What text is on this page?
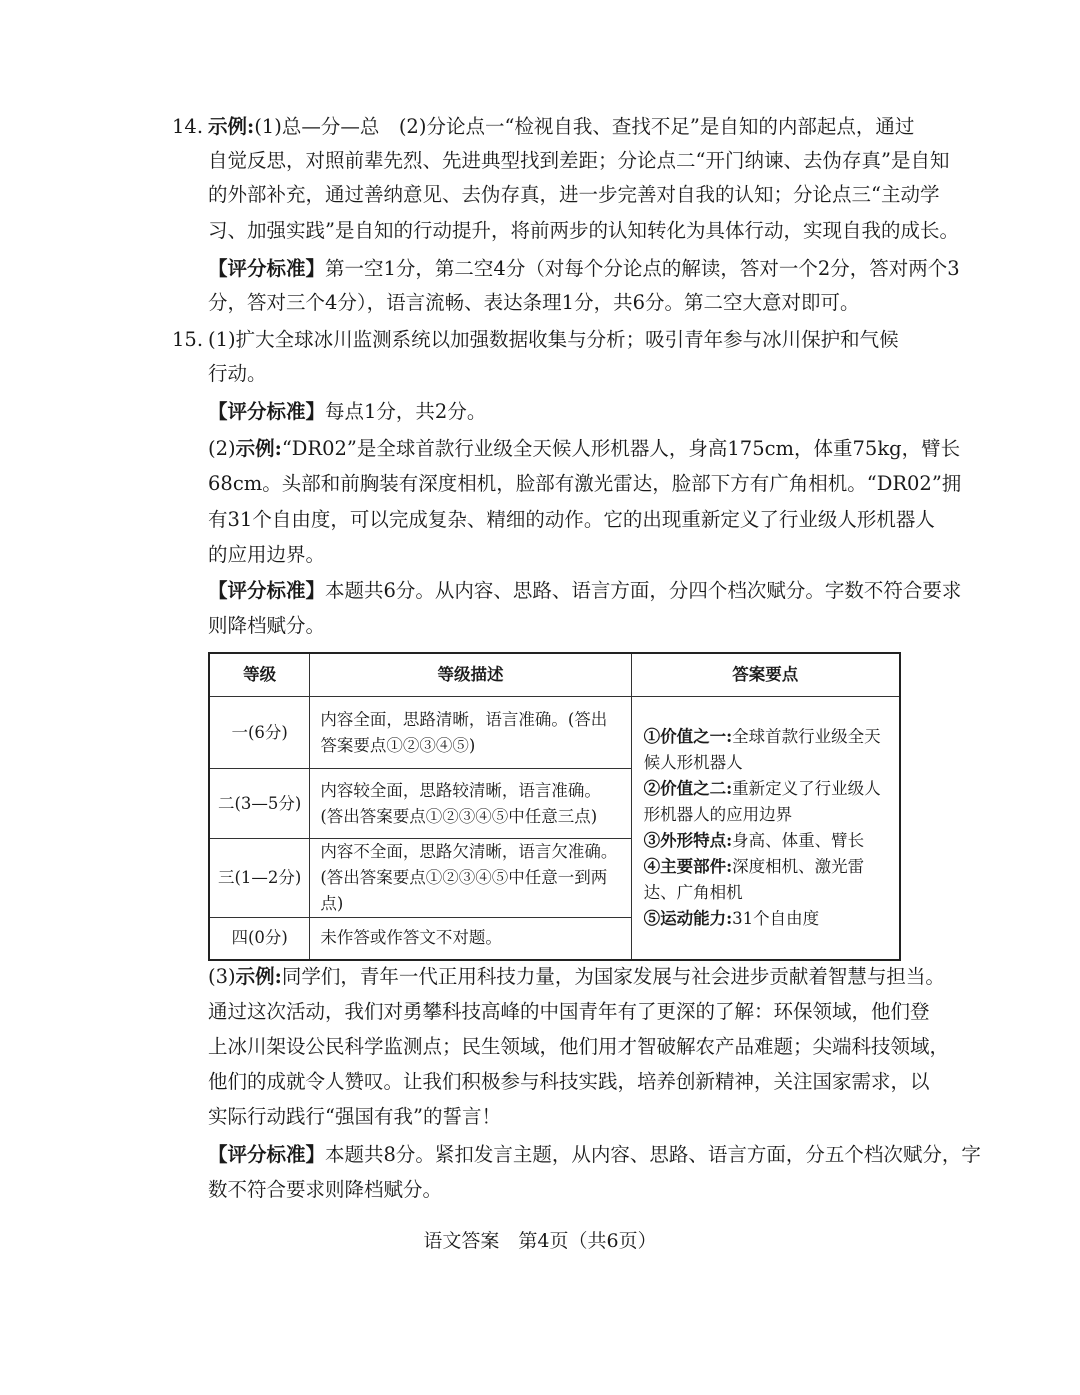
14. 示例:(1)总—分—总　(2)分论点一“检视自我、查找不足”是自知的内部起点，通过
自觉反思，对照前辈先烈、先进典型找到差距；分论点二“开门纳谏、去伪存真”是自知
的外部补充，通过善纳意见、去伪存真，进一步完善对自我的认知；分论点三“主动学
习、加强实践”是自知的行动提升，将前两步的认知转化为具体行动，实现自我的成长。
【评分标准】第一空1分，第二空4分（对每个分论点的解读，答对一个2分，答对两个3
分，答对三个4分），语言流畅、表达条理1分，共6分。第二空大意对即可。
15. (1)扩大全球冰川监测系统以加强数据收集与分析；吸引青年参与冰川保护和气候
行动。
【评分标准】每点1分，共2分。
(2)示例:“DR02”是全球首款行业级全天候人形机器人，身高175cm，体重75kg，臂长
68cm。头部和前胸装有深度相机，脸部有激光雷达，脸部下方有广角相机。“DR02”拥
有31个自由度，可以完成复杂、精细的动作。它的出现重新定义了行业级人形机器人
的应用边界。
【评分标准】本题共6分。从内容、思路、语言方面，分四个档次赋分。字数不符合要求
则降档赋分。
等级	等级描述	答案要点
一(6分)	内容全面，思路清晰，语言准确。(答出答案要点①②③④⑤)	①价值之一:全球首款行业级全天候人形机器人
②价值之二:重新定义了行业级人形机器人的应用边界
③外形特点:身高、体重、臂长
④主要部件:深度相机、激光雷达、广角相机
⑤运动能力:31个自由度

二(3—5分)	内容较全面，思路较清晰，语言准确。(答出答案要点①②③④⑤中任意三点)	
三(1—2分)	内容不全面，思路欠清晰，语言欠准确。(答出答案要点①②③④⑤中任意一到两点)	
四(0分)	未作答或作答文不对题。	
(3)示例:同学们，青年一代正用科技力量，为国家发展与社会进步贡献着智慧与担当。
通过这次活动，我们对勇攀科技高峰的中国青年有了更深的了解：环保领域，他们登
上冰川架设公民科学监测点；民生领域，他们用才智破解农产品难题；尖端科技领域，
他们的成就令人赞叹。让我们积极参与科技实践，培养创新精神，关注国家需求，以
实际行动践行“强国有我”的誓言！
【评分标准】本题共8分。紧扣发言主题，从内容、思路、语言方面，分五个档次赋分，字
数不符合要求则降档赋分。
语文答案　第4页（共6页）
